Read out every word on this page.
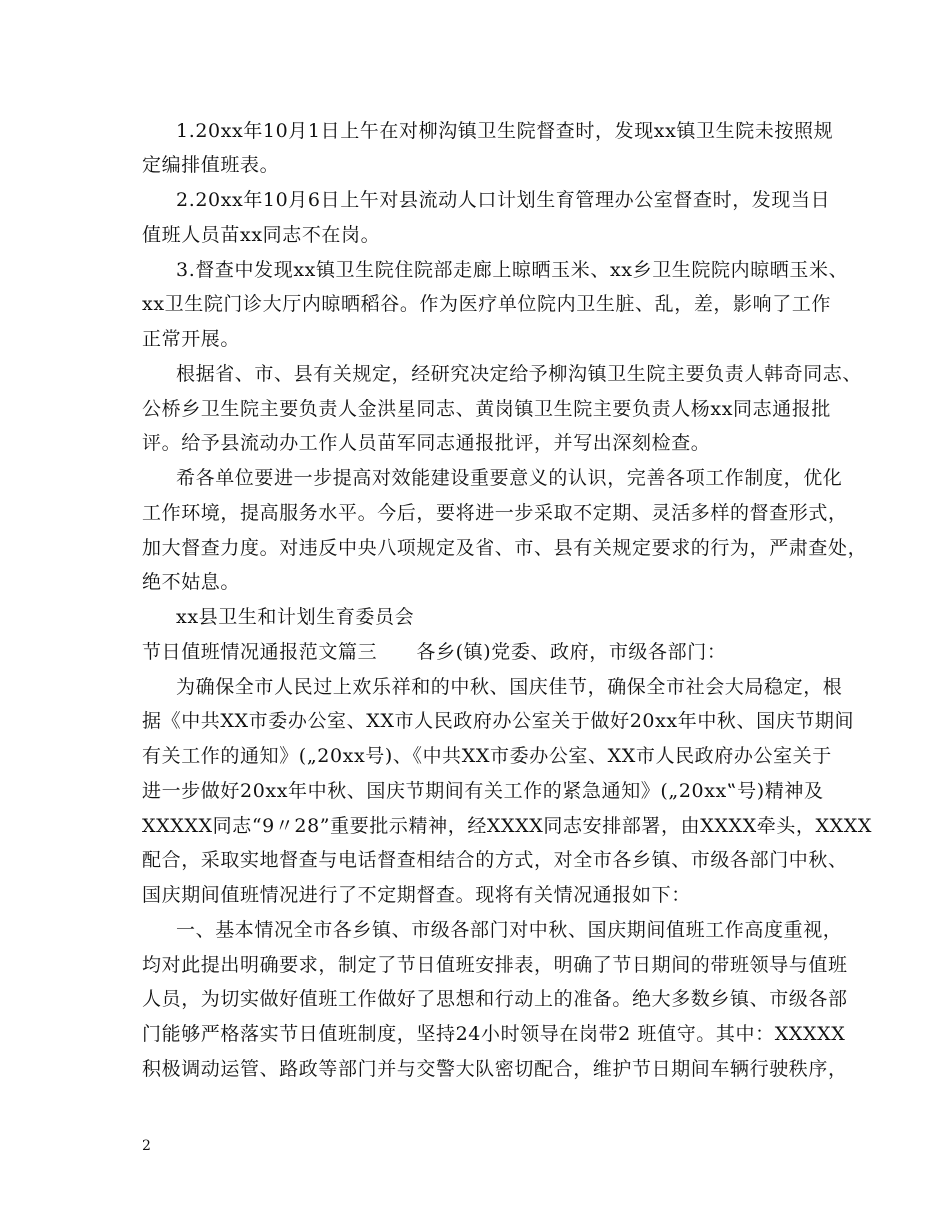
1.20xx年10月1日上午在对柳沟镇卫生院督查时，发现xx镇卫生院未按照规
定编排值班表。
2.20xx年10月6日上午对县流动人口计划生育管理办公室督查时，发现当日
值班人员苗xx同志不在岗。
3.督查中发现xx镇卫生院住院部走廊上晾晒玉米、xx乡卫生院院内晾晒玉米、
xx卫生院门诊大厅内晾晒稻谷。作为医疗单位院内卫生脏、乱，差，影响了工作
正常开展。
根据省、市、县有关规定，经研究决定给予柳沟镇卫生院主要负责人韩奇同志、
公桥乡卫生院主要负责人金洪星同志、黄岗镇卫生院主要负责人杨xx同志通报批
评。给予县流动办工作人员苗军同志通报批评，并写出深刻检查。
希各单位要进一步提高对效能建设重要意义的认识，完善各项工作制度，优化
工作环境，提高服务水平。今后，要将进一步采取不定期、灵活多样的督查形式，
加大督查力度。对违反中央八项规定及省、市、县有关规定要求的行为，严肃查处，
绝不姑息。
xx县卫生和计划生育委员会
节日值班情况通报范文篇三　　各乡(镇)党委、政府，市级各部门：
为确保全市人民过上欢乐祥和的中秋、国庆佳节，确保全市社会大局稳定，根
据《中共XX市委办公室、XX市人民政府办公室关于做好20xx年中秋、国庆节期间
有关工作的通知》(„20xx号)、《中共XX市委办公室、XX市人民政府办公室关于
进一步做好20xx年中秋、国庆节期间有关工作的紧急通知》(„20xx‟号)精神及
XXXXX同志“9〃28”重要批示精神，经XXXX同志安排部署，由XXXX牵头，XXXX
配合，采取实地督查与电话督查相结合的方式，对全市各乡镇、市级各部门中秋、
国庆期间值班情况进行了不定期督查。现将有关情况通报如下：
一、基本情况全市各乡镇、市级各部门对中秋、国庆期间值班工作高度重视，
均对此提出明确要求，制定了节日值班安排表，明确了节日期间的带班领导与值班
人员，为切实做好值班工作做好了思想和行动上的准备。绝大多数乡镇、市级各部
门能够严格落实节日值班制度，坚持24小时领导在岗带2 班值守。其中：XXXXX
积极调动运管、路政等部门并与交警大队密切配合，维护节日期间车辆行驶秩序，
2
